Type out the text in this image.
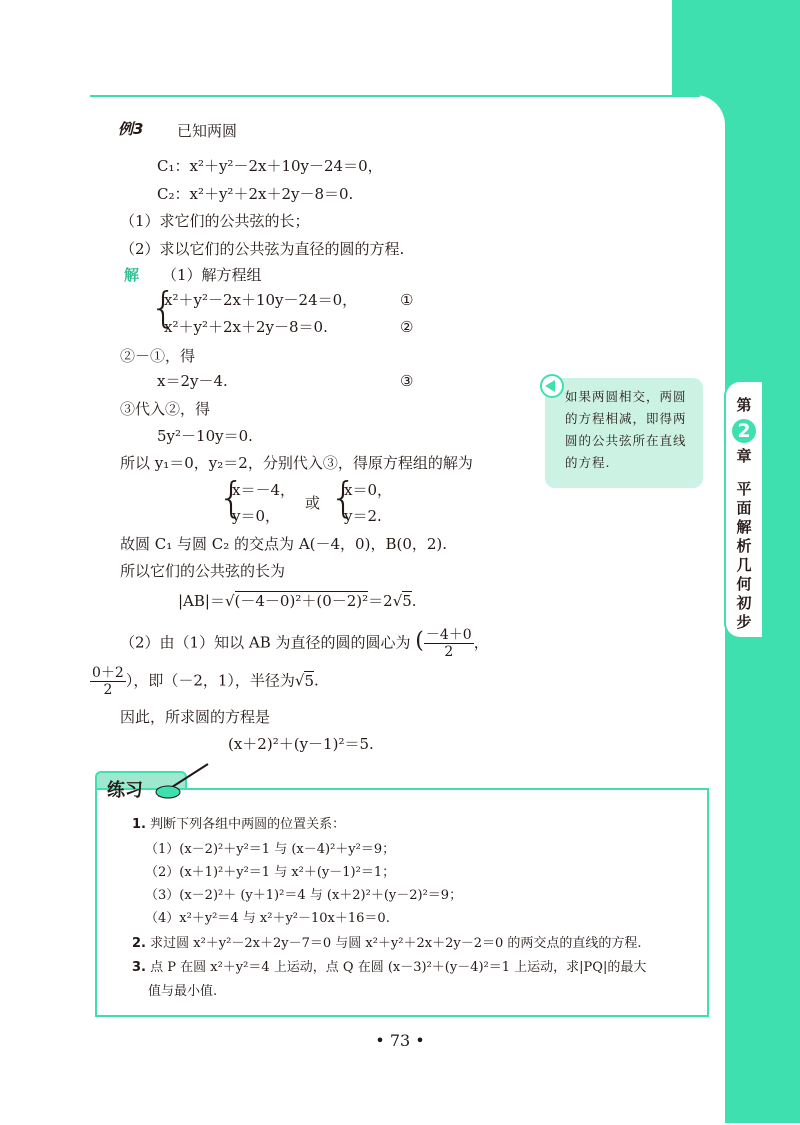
例3 已知两圆
C₁：x²＋y²－2x＋10y－24＝0，
C₂：x²＋y²＋2x＋2y－8＝0.
（1）求它们的公共弦的长；
（2）求以它们的公共弦为直径的圆的方程.
解 （1）解方程组
{
x²＋y²－2x＋10y－24＝0，	①
x²＋y²＋2x＋2y－8＝0.	②
②－①，得
x＝2y－4.	③
③代入②，得
5y²－10y＝0.
所以 y₁＝0，y₂＝2，分别代入③，得原方程组的解为
{
x＝－4，
y＝0，
或 {
x＝0，
y＝2.
故圆 C₁ 与圆 C₂ 的交点为 A(－4，0)，B(0，2).
所以它们的公共弦的长为
|AB|＝√(－4－0)²＋(0－2)²＝2√5.
（2）由（1）知以 AB 为直径的圆的圆心为 ( $\frac{-4+0}{2}$ ，
$\frac{0+2}{2}$ ），即（－2，1），半径为√5.
因此，所求圆的方程是
(x＋2)²＋(y－1)²＝5.
如果两圆相交，两圆的方程相减，即得两圆的公共弦所在直线的方程.
第
2
章
平
面
解
析
几
何
初
步
练习
1. 判断下列各组中两圆的位置关系：
（1）(x－2)²＋y²＝1 与 (x－4)²＋y²＝9；
（2）(x＋1)²＋y²＝1 与 x²＋(y－1)²＝1；
（3）(x－2)²＋ (y＋1)²＝4 与 (x＋2)²＋(y－2)²＝9；
（4）x²＋y²＝4 与 x²＋y²－10x＋16＝0.
2. 求过圆 x²＋y²－2x＋2y－7＝0 与圆 x²＋y²＋2x＋2y－2＝0 的两交点的直线的方程.
3. 点 P 在圆 x²＋y²＝4 上运动，点 Q 在圆 (x－3)²＋(y－4)²＝1 上运动，求|PQ|的最大
值与最小值.
• 73 •
